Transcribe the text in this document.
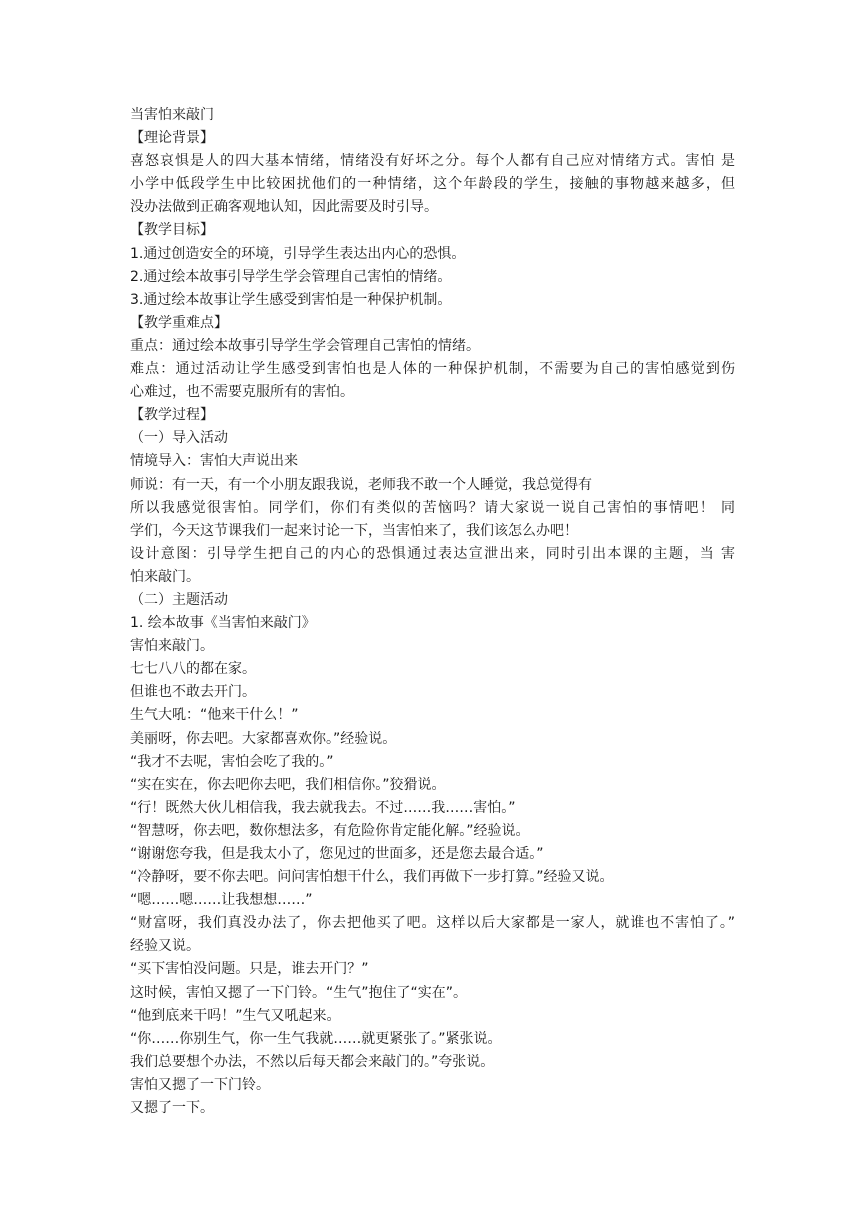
当害怕来敲门
【理论背景】
喜怒哀惧是人的四大基本情绪，情绪没有好坏之分。每个人都有自己应对情绪方式。害怕 是
小学中低段学生中比较困扰他们的一种情绪，这个年龄段的学生，接触的事物越来越多，但
没办法做到正确客观地认知，因此需要及时引导。
【教学目标】
1.通过创造安全的环境，引导学生表达出内心的恐惧。
2.通过绘本故事引导学生学会管理自己害怕的情绪。
3.通过绘本故事让学生感受到害怕是一种保护机制。
【教学重难点】
重点：通过绘本故事引导学生学会管理自己害怕的情绪。
难点：通过活动让学生感受到害怕也是人体的一种保护机制，不需要为自己的害怕感觉到伤
心难过，也不需要克服所有的害怕。
【教学过程】
（一）导入活动
情境导入：害怕大声说出来
师说：有一天，有一个小朋友跟我说，老师我不敢一个人睡觉，我总觉得有
所以我感觉很害怕。同学们，你们有类似的苦恼吗？请大家说一说自己害怕的事情吧！ 同
学们，今天这节课我们一起来讨论一下，当害怕来了，我们该怎么办吧！
设计意图：引导学生把自己的内心的恐惧通过表达宣泄出来，同时引出本课的主题，当 害
怕来敲门。
（二）主题活动
1. 绘本故事《当害怕来敲门》
害怕来敲门。
七七八八的都在家。
但谁也不敢去开门。
生气大吼：“他来干什么！”
美丽呀，你去吧。大家都喜欢你。”经验说。
“我才不去呢，害怕会吃了我的。”
“实在实在，你去吧你去吧，我们相信你。”狡猾说。
“行！既然大伙儿相信我，我去就我去。不过……我……害怕。”
“智慧呀，你去吧，数你想法多，有危险你肯定能化解。”经验说。
“谢谢您夸我，但是我太小了，您见过的世面多，还是您去最合适。”
“冷静呀，要不你去吧。问问害怕想干什么，我们再做下一步打算。”经验又说。
“嗯……嗯……让我想想……”
“财富呀，我们真没办法了，你去把他买了吧。这样以后大家都是一家人，就谁也不害怕了。”
经验又说。
“买下害怕没问题。只是，谁去开门？”
这时候，害怕又摁了一下门铃。“生气”抱住了“实在”。
“他到底来干吗！”生气又吼起来。
“你……你别生气，你一生气我就……就更紧张了。”紧张说。
我们总要想个办法，不然以后每天都会来敲门的。”夸张说。
害怕又摁了一下门铃。
又摁了一下。
